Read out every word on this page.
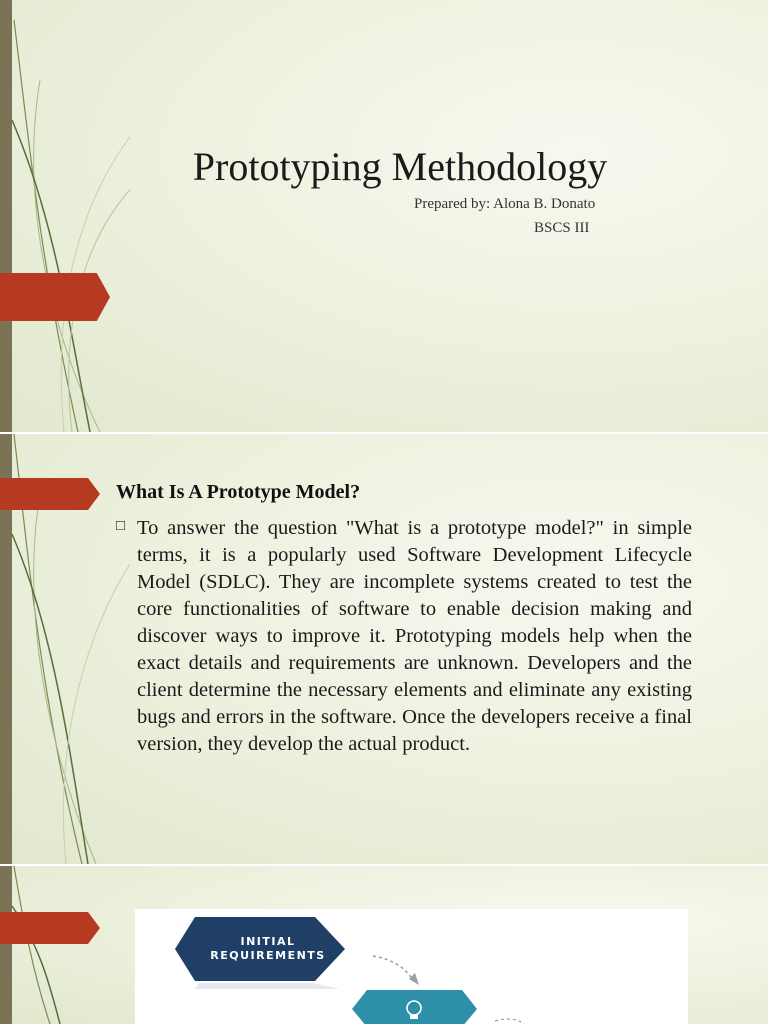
Prototyping Methodology
Prepared by: Alona B. Donato
BSCS III
What Is A Prototype Model?
□ To answer the question "What is a prototype model?" in simple terms, it is a popularly used Software Development Lifecycle Model (SDLC). They are incomplete systems created to test the core functionalities of software to enable decision making and discover ways to improve it. Prototyping models help when the exact details and requirements are unknown. Developers and the client determine the necessary elements and eliminate any existing bugs and errors in the software. Once the developers receive a final version, they develop the actual product.

INITIAL
REQUIREMENTS
